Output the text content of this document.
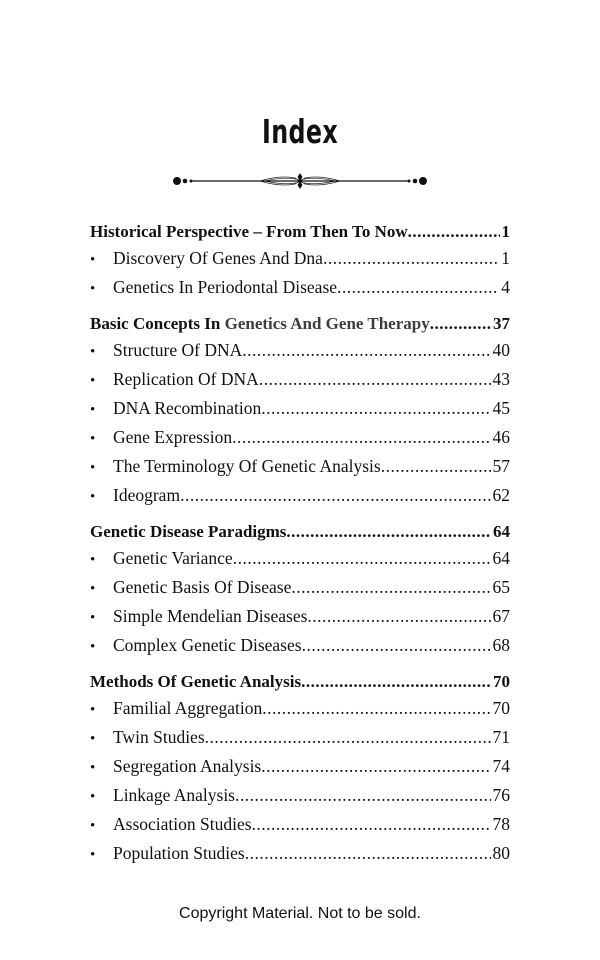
Index
Historical Perspective – From Then To Now .....	1
•	Discovery Of Genes And Dna .....	1
•	Genetics In Periodontal Disease .....	4
Basic Concepts In Genetics And Gene Therapy .....	37
•	Structure Of DNA .....	40
•	Replication Of DNA .....	43
•	DNA Recombination .....	45
•	Gene Expression .....	46
•	The Terminology Of Genetic Analysis .....	57
•	Ideogram .....	62
Genetic Disease Paradigms .....	64
•	Genetic Variance .....	64
•	Genetic Basis Of Disease .....	65
•	Simple Mendelian Diseases .....	67
•	Complex Genetic Diseases .....	68
Methods Of Genetic Analysis .....	70
•	Familial Aggregation .....	70
•	Twin Studies .....	71
•	Segregation Analysis .....	74
•	Linkage Analysis .....	76
•	Association Studies .....	78
•	Population Studies .....	80
Copyright Material. Not to be sold.
